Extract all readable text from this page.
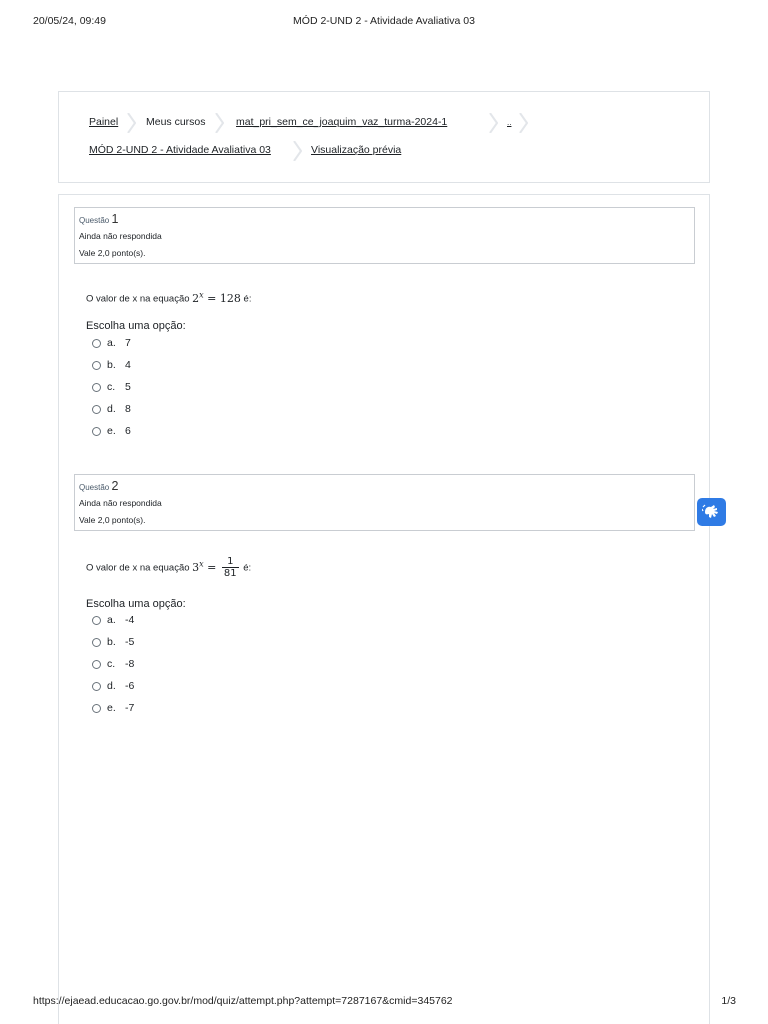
20/05/24, 09:49	MÓD 2-UND 2 - Atividade Avaliativa 03
Painel	Meus cursos	mat_pri_sem_ce_joaquim_vaz_turma-2024-1	..
MÓD 2-UND 2 - Atividade Avaliativa 03	Visualização prévia
Questão 1
Ainda não respondida
Vale 2,0 ponto(s).
O valor de x na equação $2^x = 128$ é:
Escolha uma opção:
a. 7
b. 4
c. 5
d. 8
e. 6
Questão 2
Ainda não respondida
Vale 2,0 ponto(s).
O valor de x na equação $3^x = \frac{1}{81}$ é:
Escolha uma opção:
a. -4
b. -5
c. -8
d. -6
e. -7
https://ejaead.educacao.go.gov.br/mod/quiz/attempt.php?attempt=7287167&cmid=345762	1/3
